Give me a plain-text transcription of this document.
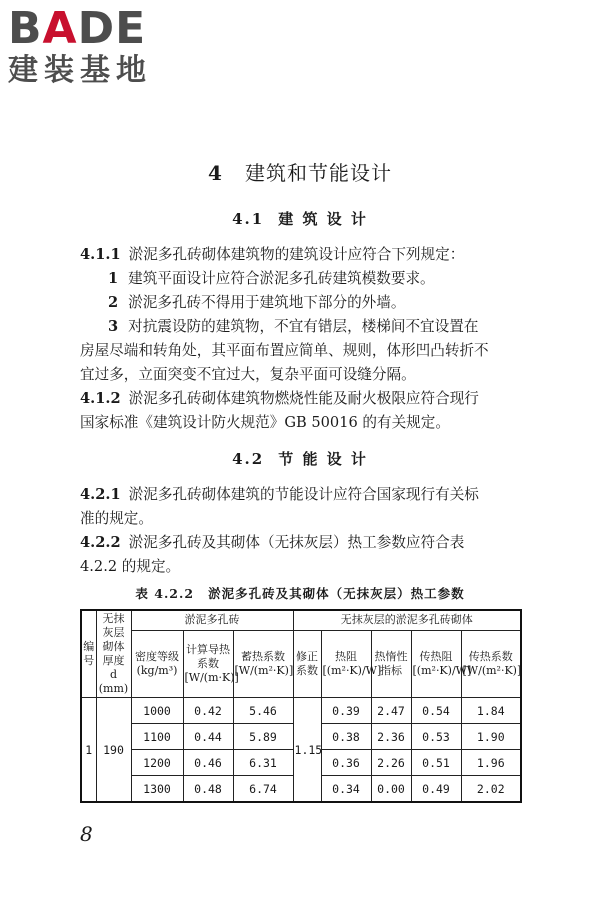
BADE
建装基地
4 建筑和节能设计
4.1 建 筑 设 计
4.1.1 淤泥多孔砖砌体建筑物的建筑设计应符合下列规定：
1 建筑平面设计应符合淤泥多孔砖建筑模数要求。
2 淤泥多孔砖不得用于建筑地下部分的外墙。
3 对抗震设防的建筑物，不宜有错层，楼梯间不宜设置在
房屋尽端和转角处，其平面布置应简单、规则，体形凹凸转折不
宜过多，立面突变不宜过大，复杂平面可设缝分隔。
4.1.2 淤泥多孔砖砌体建筑物燃烧性能及耐火极限应符合现行
国家标准《建筑设计防火规范》GB 50016 的有关规定。
4.2 节 能 设 计
4.2.1 淤泥多孔砖砌体建筑的节能设计应符合国家现行有关标
准的规定。
4.2.2 淤泥多孔砖及其砌体（无抹灰层）热工参数应符合表
4.2.2 的规定。
表 4.2.2 淤泥多孔砖及其砌体（无抹灰层）热工参数
编号	无抹灰层砌体厚度 d (mm)	淤泥多孔砖			无抹灰层的淤泥多孔砖砌体				
		密度等级 (kg/m³)	计算导热系数 [W/(m·K)]	蓄热系数 [W/(m²·K)]	修正系数	热阻 [(m²·K)/W]	热惰性指标	传热阻 [(m²·K)/W]	传热系数 [W/(m²·K)]
1	190	1000	0.42	5.46	1.15	0.39	2.47	0.54	1.84
		1100	0.44	5.89		0.38	2.36	0.53	1.90
		1200	0.46	6.31		0.36	2.26	0.51	1.96
		1300	0.48	6.74		0.34	0.00	0.49	2.02
8
